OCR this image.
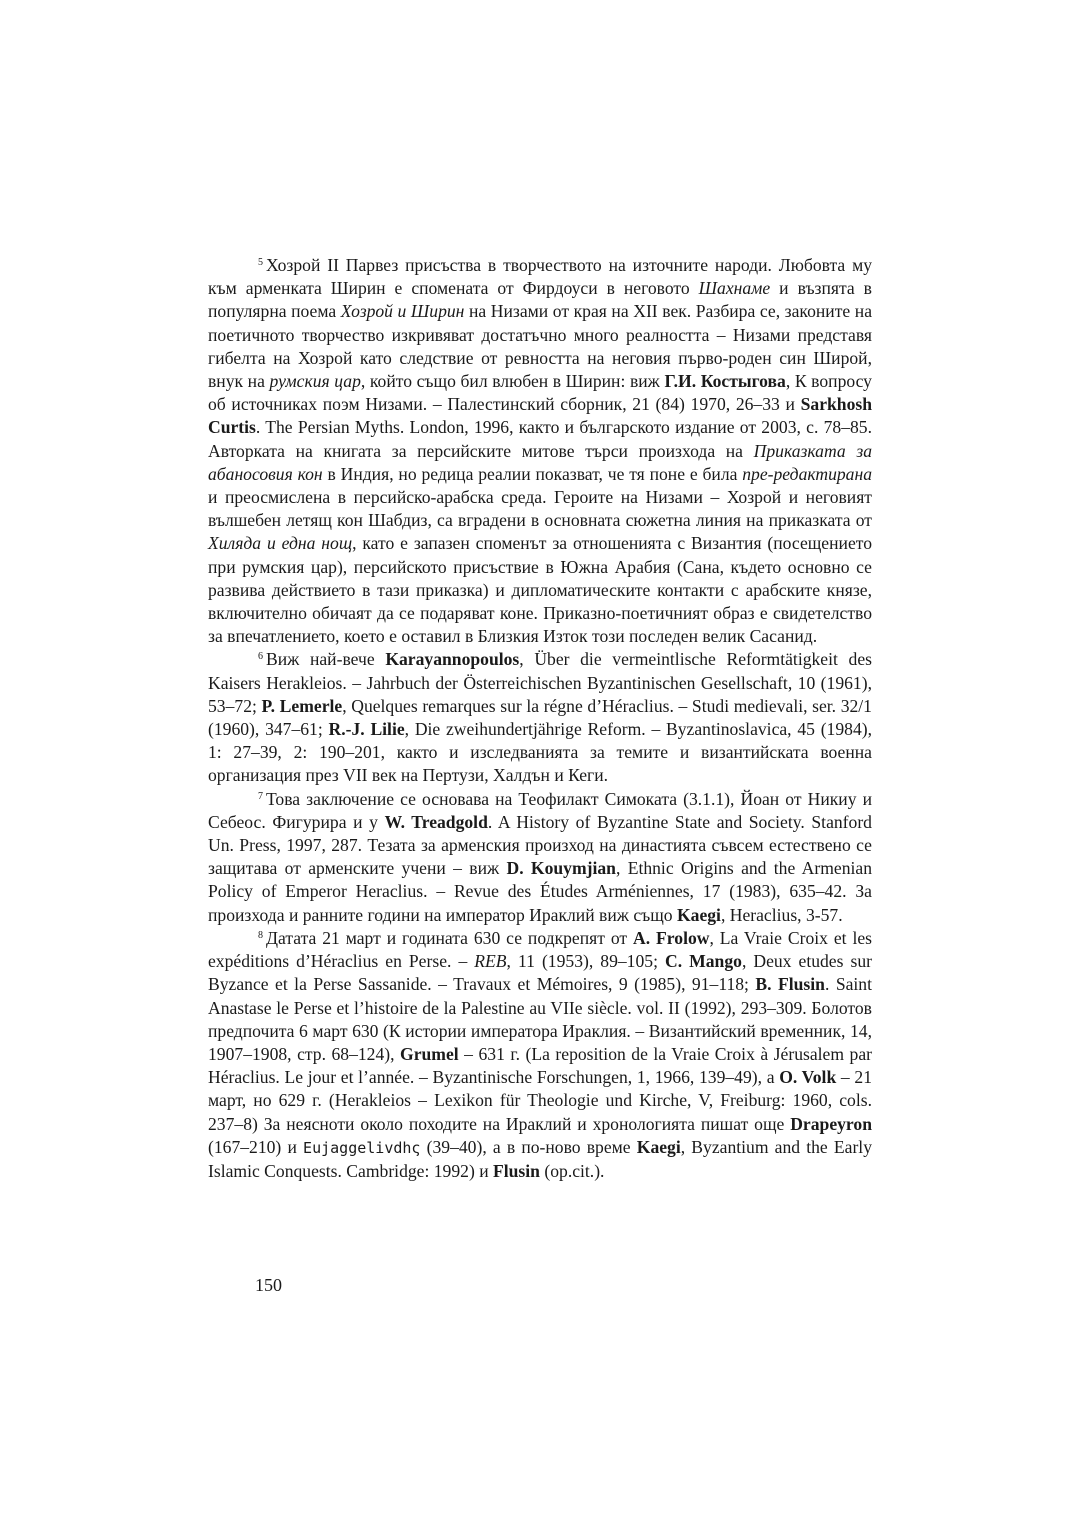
$^5$ Хозрой II Парвез присъства в творчеството на източните народи. Любовта му към арменката Ширин е спомената от Фирдоуси в неговото Шахнаме и възпята в популярна поема Хозрой и Ширин на Низами от края на XII век. Разбира се, законите на поетичното творчество изкривяват достатъчно много реалността – Низами представя гибелта на Хозрой като следствие от ревността на неговия първо-роден син Широй, внук на румския цар, който също бил влюбен в Ширин: виж Г.И. Костыгова, К вопросу об источниках поэм Низами. – Палестинский сборник, 21 (84) 1970, 26–33 и Sarkhosh Curtis. The Persian Myths. London, 1996, както и българското издание от 2003, с. 78–85. Авторката на книгата за персийските митове търси произхода на Приказката за абаносовия кон в Индия, но редица реалии показват, че тя поне е била пре-редактирана и преосмислена в персийско-арабска среда. Героите на Низами – Хозрой и неговият вълшебен летящ кон Шабдиз, са вградени в основната сюжетна линия на приказката от Хиляда и една нощ, като е запазен споменът за отношенията с Византия (посещението при румския цар), персийското присъствие в Южна Арабия (Сана, където основно се развива действието в тази приказка) и дипломатическите контакти с арабските князе, включително обичаят да се подаряват коне. Приказно-поетичният образ е свидетелство за впечатлението, което е оставил в Близкия Изток този последен велик Сасанид.

$^6$ Виж най-вече Karayannopoulos, Über die vermeintlische Reformtätigkeit des Kaisers Herakleios. – Jahrbuch der Österreichischen Byzantinischen Gesellschaft, 10 (1961), 53–72; P. Lemerle, Quelques remarques sur la régne d’Héraclius. – Studi medievali, ser. 32/1 (1960), 347–61; R.-J. Lilie, Die zweihundertjährige Reform. – Byzantinoslavica, 45 (1984), 1: 27–39, 2: 190–201, както и изследванията за темите и византийската военна организация през VII век на Пертузи, Халдън и Кеги.

$^7$ Това заключение се основава на Теофилакт Симоката (3.1.1), Йоан от Никиу и Себеос. Фигурира и у W. Treadgold. A History of Byzantine State and Society. Stanford Un. Press, 1997, 287. Тезата за арменския произход на династията съвсем естествено се защитава от арменските учени – виж D. Kouymjian, Ethnic Origins and the Armenian Policy of Emperor Heraclius. – Revue des Études Arméniennes, 17 (1983), 635–42. За произхода и ранните години на император Ираклий виж също Kaegi, Heraclius, 3-57.

$^8$ Датата 21 март и годината 630 се подкрепят от A. Frolow, La Vraie Croix et les expéditions d’Héraclius en Perse. – REB, 11 (1953), 89–105; C. Mango, Deux etudes sur Byzance et la Perse Sassanide. – Travaux et Mémoires, 9 (1985), 91–118; B. Flusin. Saint Anastase le Perse et l’histoire de la Palestine au VIIe siècle. vol. II (1992), 293–309. Болотов предпочита 6 март 630 (К истории императора Ираклия. – Византийский временник, 14, 1907–1908, стр. 68–124), Grumel – 631 г. (La reposition de la Vraie Croix à Jérusalem par Héraclius. Le jour et l’année. – Byzantinische Forschungen, 1, 1966, 139–49), а O. Volk – 21 март, но 629 г. (Herakleios – Lexikon für Theologie und Kirche, V, Freiburg: 1960, cols. 237–8) За неясноти около походите на Ираклий и хронологията пишат още Drapeyron (167–210) и Eujaggelivdhς (39–40), а в по-ново време Kaegi, Byzantium and the Early Islamic Conquests. Cambridge: 1992) и Flusin (op.cit.).

150
